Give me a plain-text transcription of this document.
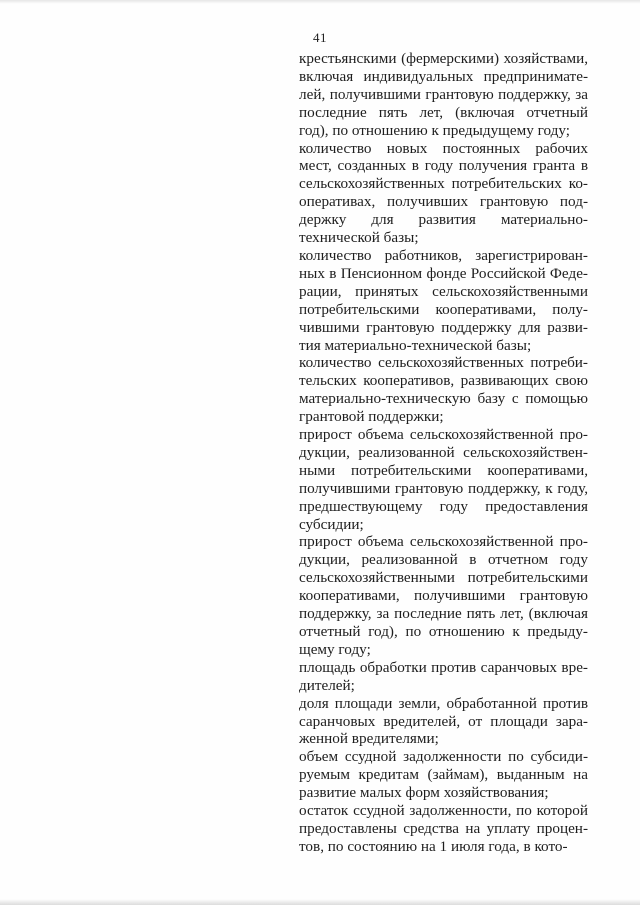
41

крестьянскими (фермерскими) хозяйствами,
включая индивидуальных предпринимате-
лей, получившими грантовую поддержку, за
последние пять лет, (включая отчетный
год), по отношению к предыдущему году;

количество новых постоянных рабочих
мест, созданных в году получения гранта в
сельскохозяйственных потребительских ко-
оперативах, получивших грантовую под-
держку для развития материально-
технической базы;

количество работников, зарегистрирован-
ных в Пенсионном фонде Российской Феде-
рации, принятых сельскохозяйственными
потребительскими кооперативами, полу-
чившими грантовую поддержку для разви-
тия материально-технической базы;

количество сельскохозяйственных потреби-
тельских кооперативов, развивающих свою
материально-техническую базу с помощью
грантовой поддержки;

прирост объема сельскохозяйственной про-
дукции, реализованной сельскохозяйствен-
ными потребительскими кооперативами,
получившими грантовую поддержку, к году,
предшествующему году предоставления
субсидии;

прирост объема сельскохозяйственной про-
дукции, реализованной в отчетном году
сельскохозяйственными потребительскими
кооперативами, получившими грантовую
поддержку, за последние пять лет, (включая
отчетный год), по отношению к предыду-
щему году;

площадь обработки против саранчовых вре-
дителей;

доля площади земли, обработанной против
саранчовых вредителей, от площади зара-
женной вредителями;

объем ссудной задолженности по субсиди-
руемым кредитам (займам), выданным на
развитие малых форм хозяйствования;

остаток ссудной задолженности, по которой
предоставлены средства на уплату процен-
тов, по состоянию на 1 июля года, в кото-
